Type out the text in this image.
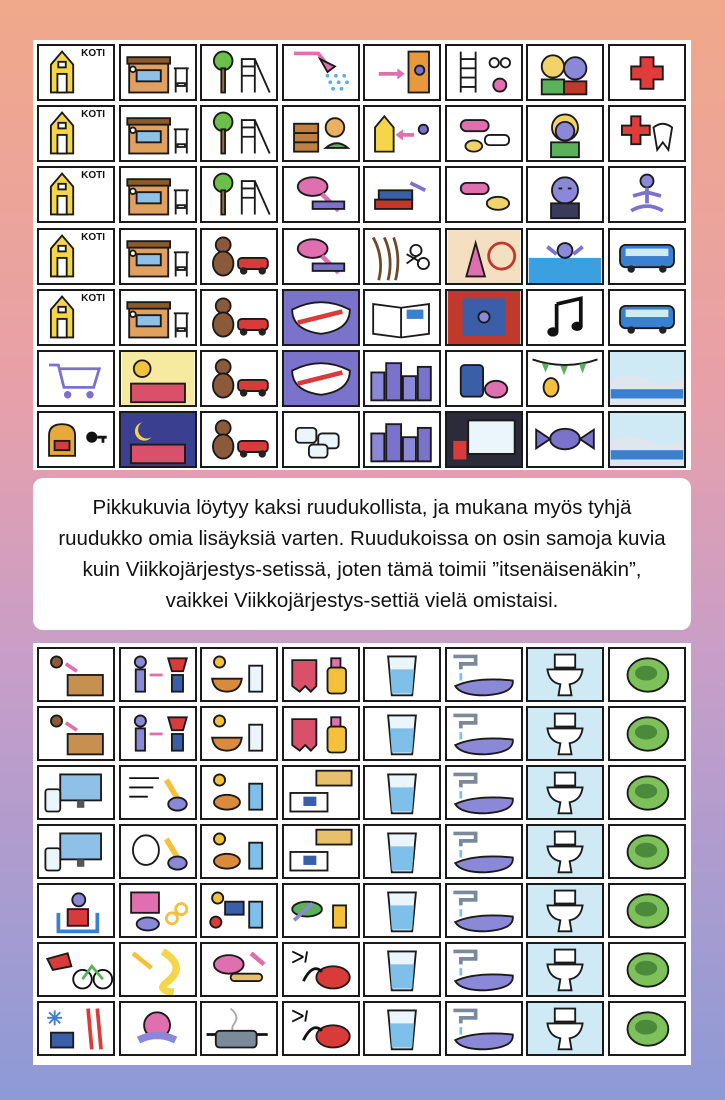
KOTI
KOTI
KOTI
KOTI
KOTI
Pikkukuvia löytyy kaksi ruudukollista, ja mukana myös tyhjä ruudukko omia lisäyksiä varten. Ruudukoissa on osin samoja kuvia kuin Viikkojärjestys-setissä, joten tämä toimii ”itsenäisenäkin”, vaikkei Viikkojärjestys-settiä vielä omistaisi.
